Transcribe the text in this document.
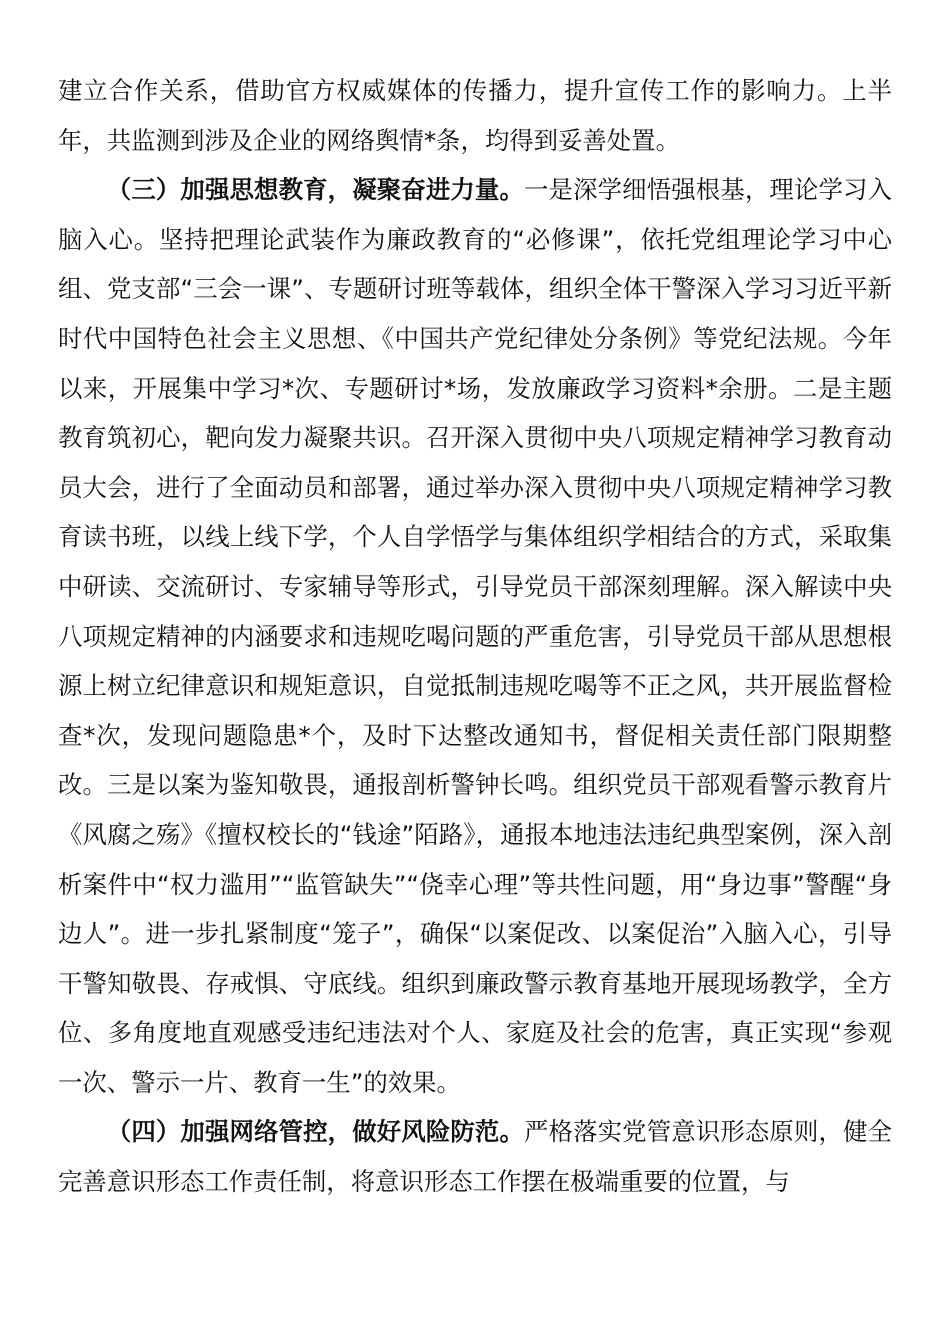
建立合作关系，借助官方权威媒体的传播力，提升宣传工作的影响力。上半年，共监测到涉及企业的网络舆情*条，均得到妥善处置。

（三）加强思想教育，凝聚奋进力量。一是深学细悟强根基，理论学习入脑入心。坚持把理论武装作为廉政教育的“必修课”，依托党组理论学习中心组、党支部“三会一课”、专题研讨班等载体，组织全体干警深入学习习近平新时代中国特色社会主义思想、《中国共产党纪律处分条例》等党纪法规。今年以来，开展集中学习*次、专题研讨*场，发放廉政学习资料*余册。二是主题教育筑初心，靶向发力凝聚共识。召开深入贯彻中央八项规定精神学习教育动员大会，进行了全面动员和部署，通过举办深入贯彻中央八项规定精神学习教育读书班，以线上线下学，个人自学悟学与集体组织学相结合的方式，采取集中研读、交流研讨、专家辅导等形式，引导党员干部深刻理解。深入解读中央八项规定精神的内涵要求和违规吃喝问题的严重危害，引导党员干部从思想根源上树立纪律意识和规矩意识，自觉抵制违规吃喝等不正之风，共开展监督检查*次，发现问题隐患*个，及时下达整改通知书，督促相关责任部门限期整改。三是以案为鉴知敬畏，通报剖析警钟长鸣。组织党员干部观看警示教育片《风腐之殇》《擅权校长的“钱途”陌路》，通报本地违法违纪典型案例，深入剖析案件中“权力滥用”“监管缺失”“侥幸心理”等共性问题，用“身边事”警醒“身边人”。进一步扎紧制度“笼子”，确保“以案促改、以案促治”入脑入心，引导干警知敬畏、存戒惧、守底线。组织到廉政警示教育基地开展现场教学，全方位、多角度地直观感受违纪违法对个人、家庭及社会的危害，真正实现“参观一次、警示一片、教育一生”的效果。

（四）加强网络管控，做好风险防范。严格落实党管意识形态原则，健全完善意识形态工作责任制，将意识形态工作摆在极端重要的位置，与
